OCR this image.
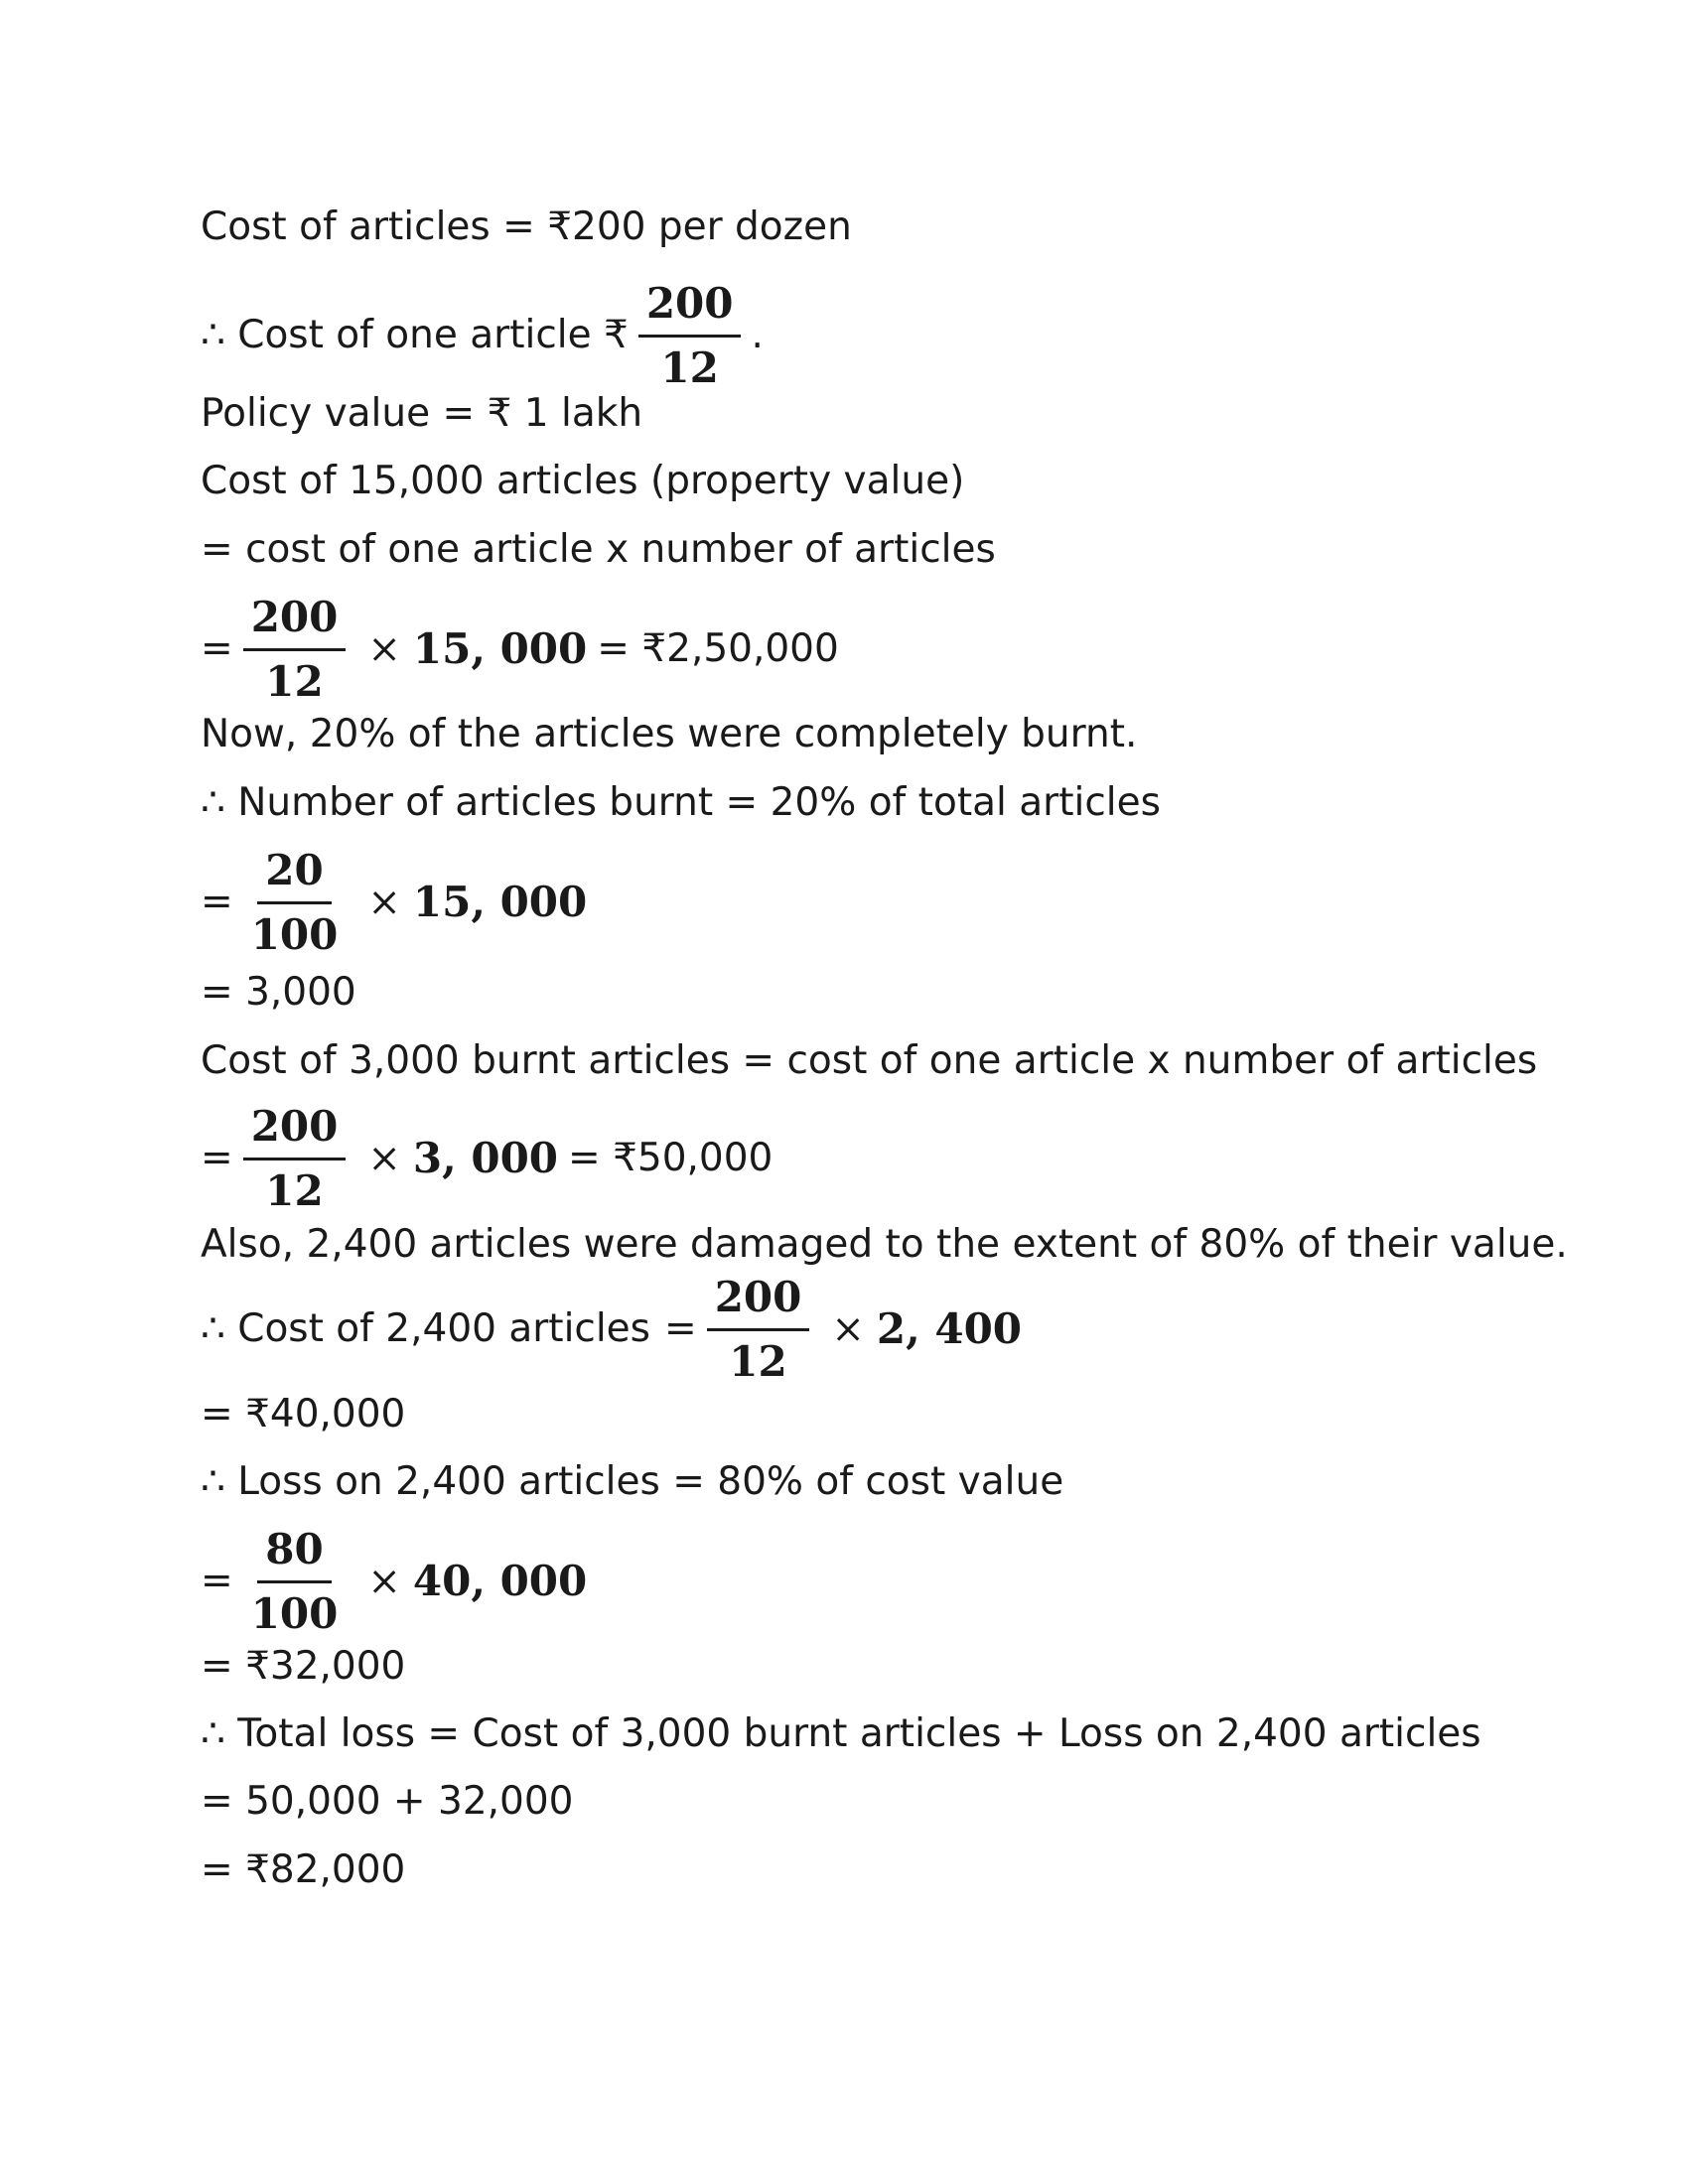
Cost of articles = ₹200 per dozen
∴ Cost of one article ₹ $\frac{200}{12}$ .
Policy value = ₹ 1 lakh
Cost of 15,000 articles (property value)
= cost of one article x number of articles
= $\frac{200}{12} \times 15$, 000 = ₹2,50,000
Now, 20% of the articles were completely burnt.
∴ Number of articles burnt = 20% of total articles
= $\frac{20}{100} \times 15$, 000
= 3,000
Cost of 3,000 burnt articles = cost of one article x number of articles
= $\frac{200}{12} \times 3$, 000 = ₹50,000
Also, 2,400 articles were damaged to the extent of 80% of their value.
∴ Cost of 2,400 articles = $\frac{200}{12} \times 2$, 400
= ₹40,000
∴ Loss on 2,400 articles = 80% of cost value
= $\frac{80}{100} \times 40$, 000
= ₹32,000
∴ Total loss = Cost of 3,000 burnt articles + Loss on 2,400 articles
= 50,000 + 32,000
= ₹82,000
